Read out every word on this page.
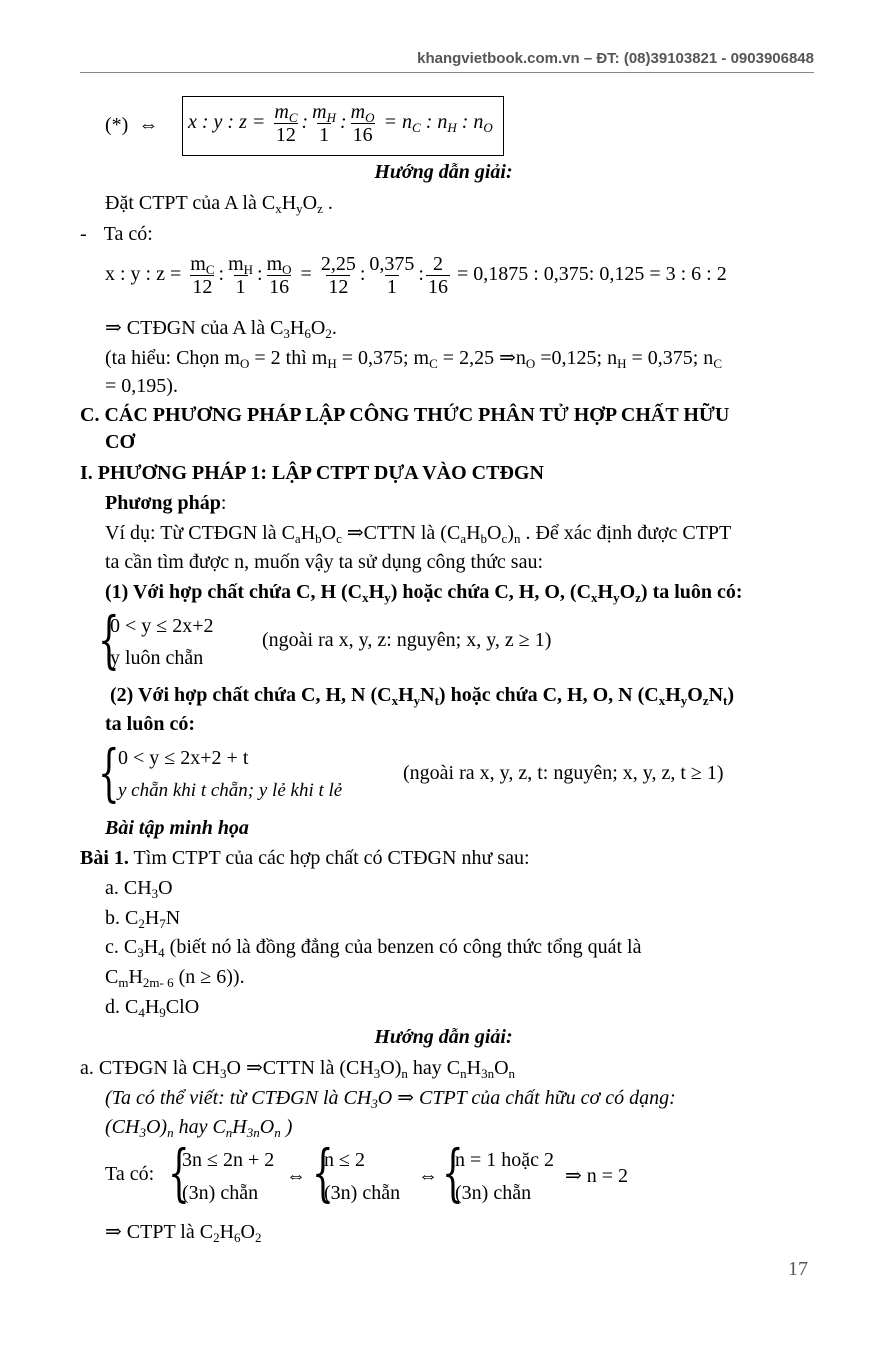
khangvietbook.com.vn – ĐT: (08)39103821 - 0903906848
(*) ⇔ x : y : $z = \frac{m_C}{12}$ : $\frac{m_H}{1}$ : $\frac{m_O}{16} = n_C$ : $n_H$ : $n_O$
Hướng dẫn giải:
Đặt CTPT của A là $C_xH_yO_z$ .
- Ta có:
x : y : $z = \frac{m_C}{12}$ : $\frac{m_H}{1}$ : $\frac{m_O}{16} = \frac{2,25}{12}$ : $\frac{0,375}{1}$ : $\frac{2}{16} = 0,1875$ : 0,375: 0,125 = 3 : 6 : 2
⇒ CTĐGN của A là $C_3H_6O_2$.
(ta hiểu: Chọn $m_O = 2$ thì $m_H = 0,375$; $m_C = 2,25$ $\Rightarrow n_O =0,125$; $n_H = 0,375$; $n_C$
= 0,195).
C. CÁC PHƯƠNG PHÁP LẬP CÔNG THỨC PHÂN TỬ HỢP CHẤT HỮU
CƠ
I. PHƯƠNG PHÁP 1: LẬP CTPT DỰA VÀO CTĐGN
Phương pháp:
Ví dụ: Từ CTĐGN là $C_aH_bO_c$ ⇒CTTN là $(C_aH_bO_c)_n$ . Để xác định được CTPT
ta cần tìm được n, muốn vậy ta sử dụng công thức sau:
(1) Với hợp chất chứa C, H $(C_xH_y)$ hoặc chứa C, H, O, $(C_xH_yO_z)$ ta luôn có:
{
0 < y ≤ 2x+2
y luôn chẵn
(ngoài ra x, y, z: nguyên; x, y, z ≥ 1)
(2) Với hợp chất chứa C, H, N $(C_xH_yN_t)$ hoặc chứa C, H, O, N $(C_xH_yO_zN_t)$
ta luôn có:
{
0 < y ≤ 2x+2 + t
y chẵn khi t chẵn; y lẻ khi t lẻ
(ngoài ra x, y, z, t: nguyên; x, y, z, t ≥ 1)
Bài tập minh họa
Bài 1. Tìm CTPT của các hợp chất có CTĐGN như sau:
a. $CH_3O$
b. $C_2H_7N$
c. $C_3H_4$ (biết nó là đồng đẳng của benzen có công thức tổng quát là
$C_mH_{2m- 6}$ (n ≥ 6)).
d. $C_4H_9ClO$
Hướng dẫn giải:
a. CTĐGN là $CH_3O$ ⇒CTTN là $(CH_3O)_n$ hay $C_nH_{3n}O_n$
(Ta có thể viết: từ CTĐGN là $CH_3O$ ⇒ CTPT của chất hữu cơ có dạng:
$(CH_3O)_n$ hay $C_nH_{3n}O_n$ )
Ta có: {
3n ≤ 2n + 2
(3n) chẵn
⇔ {
n ≤ 2
(3n) chẵn
⇔ {
n = 1 hoặc 2
(3n) chẵn
⇒ n = 2
⇒ CTPT là $C_2H_6O_2$
17
